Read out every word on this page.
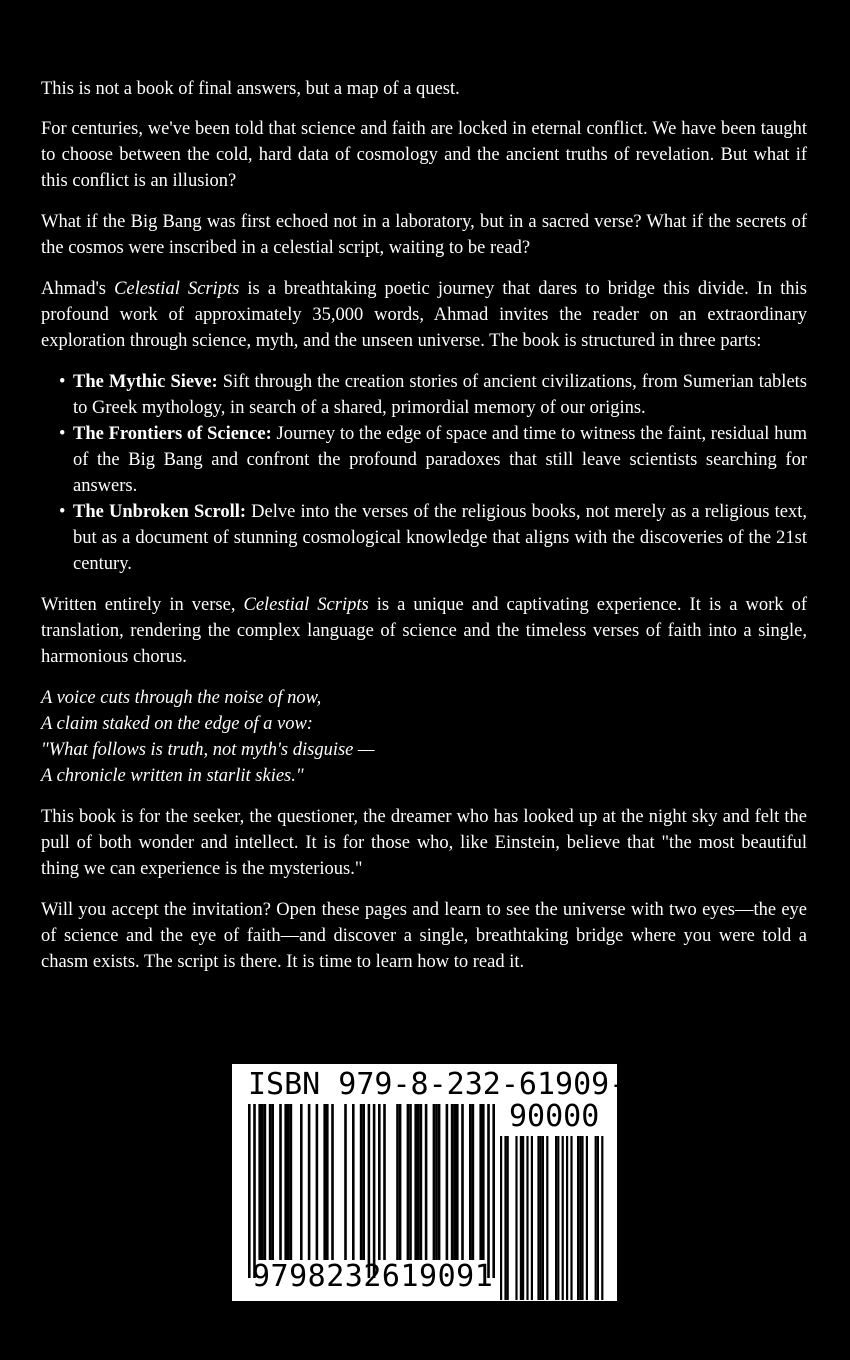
This is not a book of final answers, but a map of a quest.

For centuries, we've been told that science and faith are locked in eternal conflict. We have been taught to choose between the cold, hard data of cosmology and the ancient truths of revelation. But what if this conflict is an illusion?

What if the Big Bang was first echoed not in a laboratory, but in a sacred verse? What if the secrets of the cosmos were inscribed in a celestial script, waiting to be read?

Ahmad's Celestial Scripts is a breathtaking poetic journey that dares to bridge this divide. In this profound work of approximately 35,000 words, Ahmad invites the reader on an extraordinary exploration through science, myth, and the unseen universe. The book is structured in three parts:

• The Mythic Sieve: Sift through the creation stories of ancient civilizations, from Sumerian tablets to Greek mythology, in search of a shared, primordial memory of our origins.
• The Frontiers of Science: Journey to the edge of space and time to witness the faint, residual hum of the Big Bang and confront the profound paradoxes that still leave scientists searching for answers.
• The Unbroken Scroll: Delve into the verses of the religious books, not merely as a religious text, but as a document of stunning cosmological knowledge that aligns with the discoveries of the 21st century.

Written entirely in verse, Celestial Scripts is a unique and captivating experience. It is a work of translation, rendering the complex language of science and the timeless verses of faith into a single, harmonious chorus.

A voice cuts through the noise of now,
A claim staked on the edge of a vow:
"What follows is truth, not myth's disguise —
A chronicle written in starlit skies."

This book is for the seeker, the questioner, the dreamer who has looked up at the night sky and felt the pull of both wonder and intellect. It is for those who, like Einstein, believe that "the most beautiful thing we can experience is the mysterious."

Will you accept the invitation? Open these pages and learn to see the universe with two eyes—the eye of science and the eye of faith—and discover a single, breathtaking bridge where you were told a chasm exists. The script is there. It is time to learn how to read it.

ISBN 979-8-232-61909-1
90000
9798232619091
